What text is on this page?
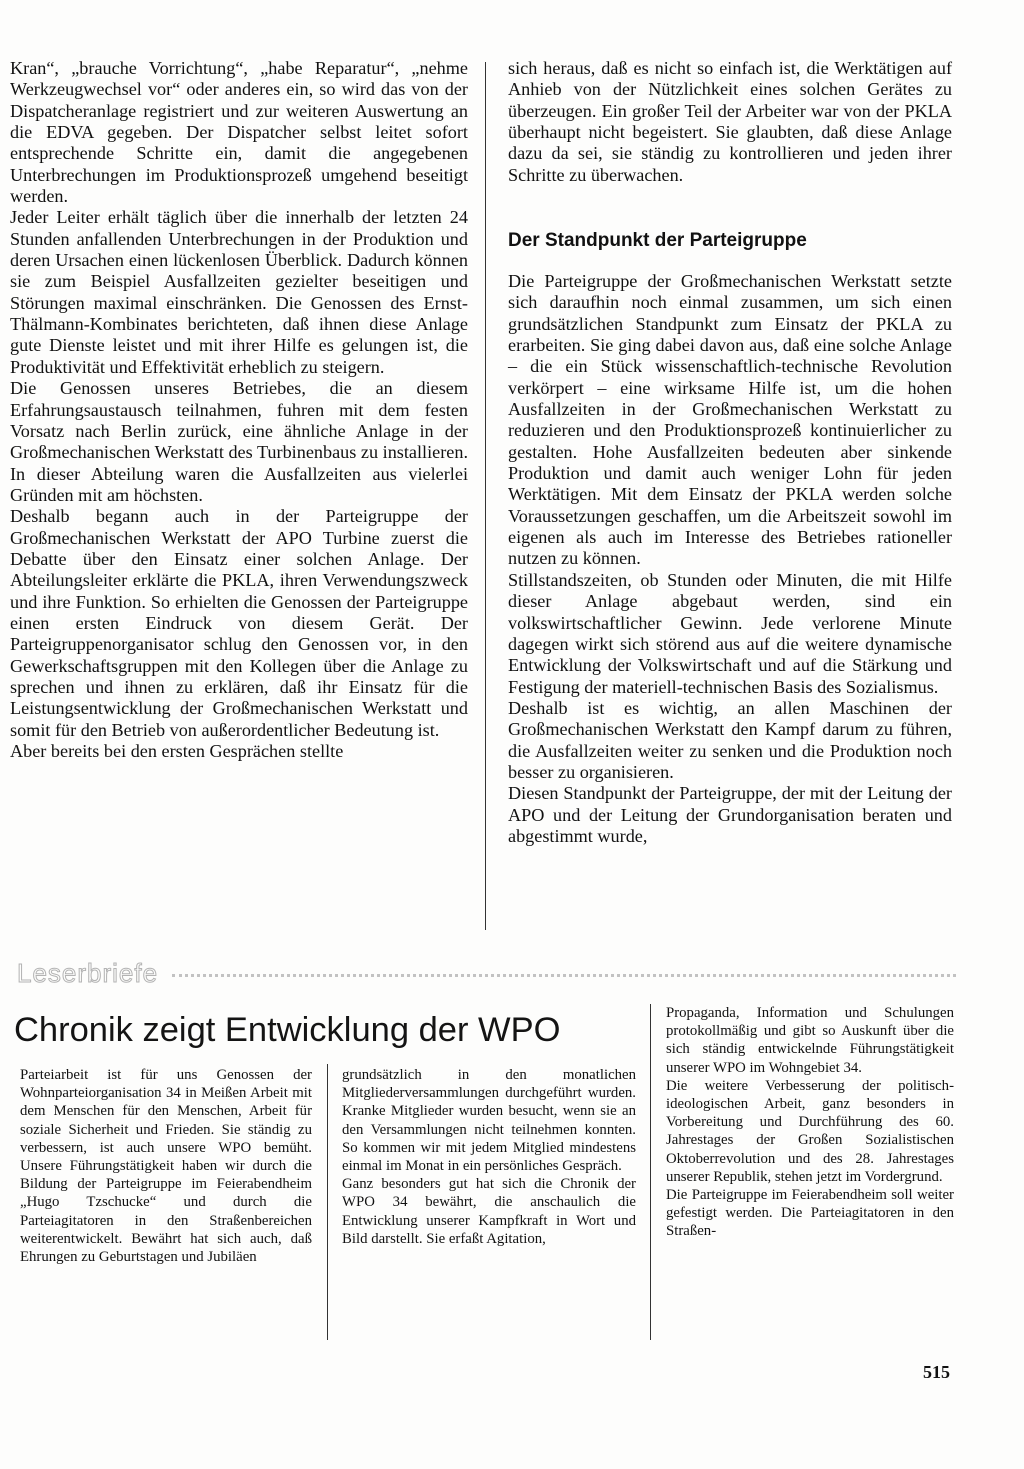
Kran“, „brauche Vorrichtung“, „habe Reparatur“, „nehme Werkzeugwechsel vor“ oder anderes ein, so wird das von der Dispatcheranlage registriert und zur weiteren Auswertung an die EDVA gegeben. Der Dispatcher selbst leitet sofort entsprechende Schritte ein, damit die angegebenen Unterbrechungen im Produktionsprozeß umgehend beseitigt werden.
Jeder Leiter erhält täglich über die innerhalb der letzten 24 Stunden anfallenden Unterbrechungen in der Produktion und deren Ursachen einen lückenlosen Überblick. Dadurch können sie zum Beispiel Ausfallzeiten gezielter beseitigen und Störungen maximal einschränken. Die Genossen des Ernst-Thälmann-Kombinates berichteten, daß ihnen diese Anlage gute Dienste leistet und mit ihrer Hilfe es gelungen ist, die Produktivität und Effektivität erheblich zu steigern.
Die Genossen unseres Betriebes, die an diesem Erfahrungsaustausch teilnahmen, fuhren mit dem festen Vorsatz nach Berlin zurück, eine ähnliche Anlage in der Großmechanischen Werkstatt des Turbinenbaus zu installieren. In dieser Abteilung waren die Ausfallzeiten aus vielerlei Gründen mit am höchsten.
Deshalb begann auch in der Parteigruppe der Großmechanischen Werkstatt der APO Turbine zuerst die Debatte über den Einsatz einer solchen Anlage. Der Abteilungsleiter erklärte die PKLA, ihren Verwendungszweck und ihre Funktion. So erhielten die Genossen der Parteigruppe einen ersten Eindruck von diesem Gerät. Der Parteigruppenorganisator schlug den Genossen vor, in den Gewerkschaftsgruppen mit den Kollegen über die Anlage zu sprechen und ihnen zu erklären, daß ihr Einsatz für die Leistungsentwicklung der Großmechanischen Werkstatt und somit für den Betrieb von außerordentlicher Bedeutung ist.
Aber bereits bei den ersten Gesprächen stellte

sich heraus, daß es nicht so einfach ist, die Werktätigen auf Anhieb von der Nützlichkeit eines solchen Gerätes zu überzeugen. Ein großer Teil der Arbeiter war von der PKLA überhaupt nicht begeistert. Sie glaubten, daß diese Anlage dazu da sei, sie ständig zu kontrollieren und jeden ihrer Schritte zu überwachen.

Der Standpunkt der Parteigruppe

Die Parteigruppe der Großmechanischen Werkstatt setzte sich daraufhin noch einmal zusammen, um sich einen grundsätzlichen Standpunkt zum Einsatz der PKLA zu erarbeiten. Sie ging dabei davon aus, daß eine solche Anlage – die ein Stück wissenschaftlich-technische Revolution verkörpert – eine wirksame Hilfe ist, um die hohen Ausfallzeiten in der Großmechanischen Werkstatt zu reduzieren und den Produktionsprozeß kontinuierlicher zu gestalten. Hohe Ausfallzeiten bedeuten aber sinkende Produktion und damit auch weniger Lohn für jeden Werktätigen. Mit dem Einsatz der PKLA werden solche Voraussetzungen geschaffen, um die Arbeitszeit sowohl im eigenen als auch im Interesse des Betriebes rationeller nutzen zu können.
Stillstandszeiten, ob Stunden oder Minuten, die mit Hilfe dieser Anlage abgebaut werden, sind ein volkswirtschaftlicher Gewinn. Jede verlorene Minute dagegen wirkt sich störend aus auf die weitere dynamische Entwicklung der Volkswirtschaft und auf die Stärkung und Festigung der materiell-technischen Basis des Sozialismus.
Deshalb ist es wichtig, an allen Maschinen der Großmechanischen Werkstatt den Kampf darum zu führen, die Ausfallzeiten weiter zu senken und die Produktion noch besser zu organisieren.
Diesen Standpunkt der Parteigruppe, der mit der Leitung der APO und der Leitung der Grundorganisation beraten und abgestimmt wurde,

Leserbriefe
Chronik zeigt Entwicklung der WPO

Parteiarbeit ist für uns Genossen der Wohnparteiorganisation 34 in Meißen Arbeit mit dem Menschen für den Menschen, Arbeit für soziale Sicherheit und Frieden. Sie ständig zu verbessern, ist auch unsere WPO bemüht. Unsere Führungstätigkeit haben wir durch die Bildung der Parteigruppe im Feierabendheim „Hugo Tzschucke“ und durch die Parteiagitatoren in den Straßenbereichen weiterentwickelt. Bewährt hat sich auch, daß Ehrungen zu Geburtstagen und Jubiläen

grundsätzlich in den monatlichen Mitgliederversammlungen durchgeführt wurden. Kranke Mitglieder wurden besucht, wenn sie an den Versammlungen nicht teilnehmen konnten. So kommen wir mit jedem Mitglied mindestens einmal im Monat in ein persönliches Gespräch.
Ganz besonders gut hat sich die Chronik der WPO 34 bewährt, die anschaulich die Entwicklung unserer Kampfkraft in Wort und Bild darstellt. Sie erfaßt Agitation,

Propaganda, Information und Schulungen protokollmäßig und gibt so Auskunft über die sich ständig entwickelnde Führungstätigkeit unserer WPO im Wohngebiet 34.
Die weitere Verbesserung der politisch-ideologischen Arbeit, ganz besonders in Vorbereitung und Durchführung des 60. Jahrestages der Großen Sozialistischen Oktoberrevolution und des 28. Jahrestages unserer Republik, stehen jetzt im Vordergrund.
Die Parteigruppe im Feierabendheim soll weiter gefestigt werden. Die Parteiagitatoren in den Straßen-

515
